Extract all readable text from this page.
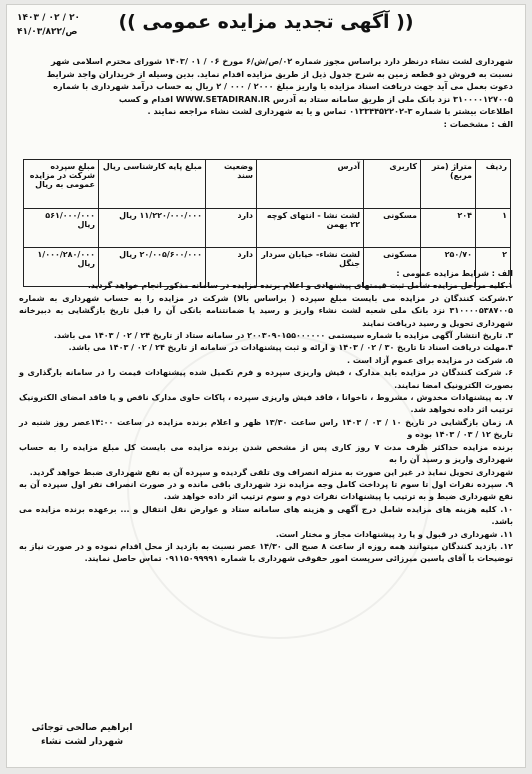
۱۴۰۳ / ۰۲ / ۲۰
۴۱/ص/۰۳/۸۲۲	(( آگهی تجدید مزایده عمومی ))
شهرداری لشت نشاء درنظر دارد براساس مجوز شماره ۰۲/ص/ش/۶ مورخ ۰۶ / ۰۱ /۱۴۰۳ شورای محترم اسلامی شهر
نسبت به فروش دو قطعه زمین به شرح جدول ذیل از طریق مزایده اقدام نماید. بدین وسیله از خریداران واجد شرایط
دعوت بعمل می آید جهت دریافت اسناد مزایده با واریز مبلغ ۲۰۰۰ / ۰۰۰ / ۲ ریال به حساب درآمد شهرداری با شماره
۳۱۰۰۰۰۱۲۷۰۰۵ نزد بانک ملی از طریق سامانه ستاد به آدرس WWW.SETADIRAN.IR اقدام و کسب
اطلاعات بیشتر با شماره ۳-۰۱۳۳۴۴۵۲۲۰۲ تماس و یا به شهرداری لشت نشاء مراجعه نمایند .
الف : مشخصات :
ردیف	متراژ (متر مربع)	کاربری	آدرس	وضعیت سند	مبلغ پایه کارشناسی ریال	مبلغ سپرده شرکت در مزایده عمومی به ریال
۱	۲۰۴	مسکونی	لشت نشا - انتهای کوچه ۲۲ بهمن	دارد	۱۱/۲۲۰/۰۰۰/۰۰۰ ریال	۵۶۱/۰۰۰/۰۰۰ ریال
۲	۲۵۰/۷۰	مسکونی	لشت نشاء- خیابان سردار جنگل	دارد	۲۰/۰۰۵/۶۰۰/۰۰۰ ریال	۱/۰۰۰/۲۸۰/۰۰۰ ریال

الف : شرایط مزایده عمومی :

۱.کلیه مراحل مزایده شامل ثبت قیمتهای پیشنهادی و اعلام برنده مزایده در سامانه مذکور انجام خواهد گردید.

۲.شرکت کنندگان در مزایده می بایست مبلغ سپرده ( براساس بالا) شرکت در مزایده را به حساب شهرداری به شماره ۳۱۰۰۰۰۵۳۸۷۰۰۵ نزد بانک ملی شعبه لشت نشاء واریز و رسید یا ضمانتنامه بانکی آن را قبل تاریخ بازگشایی به دبیرخانه شهرداری تحویل و رسید دریافت نمایند

۳. تاریخ انتشار آگهی مزایده با شماره سیستمی ۲۰۰۳۰۹۰۱۵۵۰۰۰۰۰۰ در سامانه ستاد از تاریخ ۲۴ / ۰۲ / ۱۴۰۳ می باشد.

۴.مهلت دریافت اسناد تا تاریخ ۳۰ / ۰۲ / ۱۴۰۳ و ارائه و ثبت پیشنهادات در سامانه از تاریخ ۲۴ / ۰۲ / ۱۴۰۳ می باشد.

۵. شرکت در مزایده برای عموم آزاد است .

۶. شرکت کنندگان در مزایده باید مدارک ، فیش واریزی سپرده و فرم تکمیل شده پیشنهادات قیمت را در سامانه بارگذاری و بصورت الکترونیک امضا نمایند.

۷. به پیشنهادات مخدوش ، مشروط ، ناخوانا ، فاقد فیش واریزی سپرده ، پاکات حاوی مدارک ناقص و یا فاقد امضای الکترونیک ترتیب اثر داده نخواهد شد.

۸. زمان بازگشایی در تاریخ ۱۰ / ۰۳ / ۱۴۰۳ راس ساعت ۱۳/۳۰ ظهر و اعلام برنده مزایده در ساعت ۱۴:۰۰عصر روز شنبه در تاریخ ۱۲ / ۰۳ / ۱۴۰۳ بوده و

برنده مزایده حداکثر ظرف مدت ۷ روز کاری پس از مشخص شدن برنده مزایده می بایست کل مبلغ مزایده را به حساب شهرداری واریز و رسید آن را به

شهرداری تحویل نماید در غیر این صورت به منزله انصراف وی تلقی گردیده و سپرده آن به نفع شهرداری ضبط خواهد گردید.

۹. سپرده نفرات اول تا سوم تا پرداخت کامل وجه مزایده نزد شهرداری باقی مانده و در صورت انصراف نفر اول سپرده آن به نفع شهرداری ضبط و به ترتیب با پیشنهادات نفرات دوم و سوم ترتیب اثر داده خواهد شد.

۱۰. کلیه هزینه های مزایده شامل درج آگهی و هزینه های سامانه ستاد و عوارض نقل انتقال و ... برعهده برنده مزایده می باشد.

۱۱. شهرداری در قبول و یا رد پیشنهادات مجاز و مختار است.

۱۲. بازدید کنندگان میتوانند همه روزه از ساعت ۸ صبح الی ۱۴/۳۰ عصر نسبت به بازدید از محل اقدام نموده و در صورت نیاز به توضیحات با آقای یاسین میرزائی سرپست امور حقوقی شهرداری با شماره ۰۹۱۱۵۰۹۹۹۹۱ تماس حاصل نمایند.

ابراهیم صالحی توجائی
شهردار لشت نشاء
